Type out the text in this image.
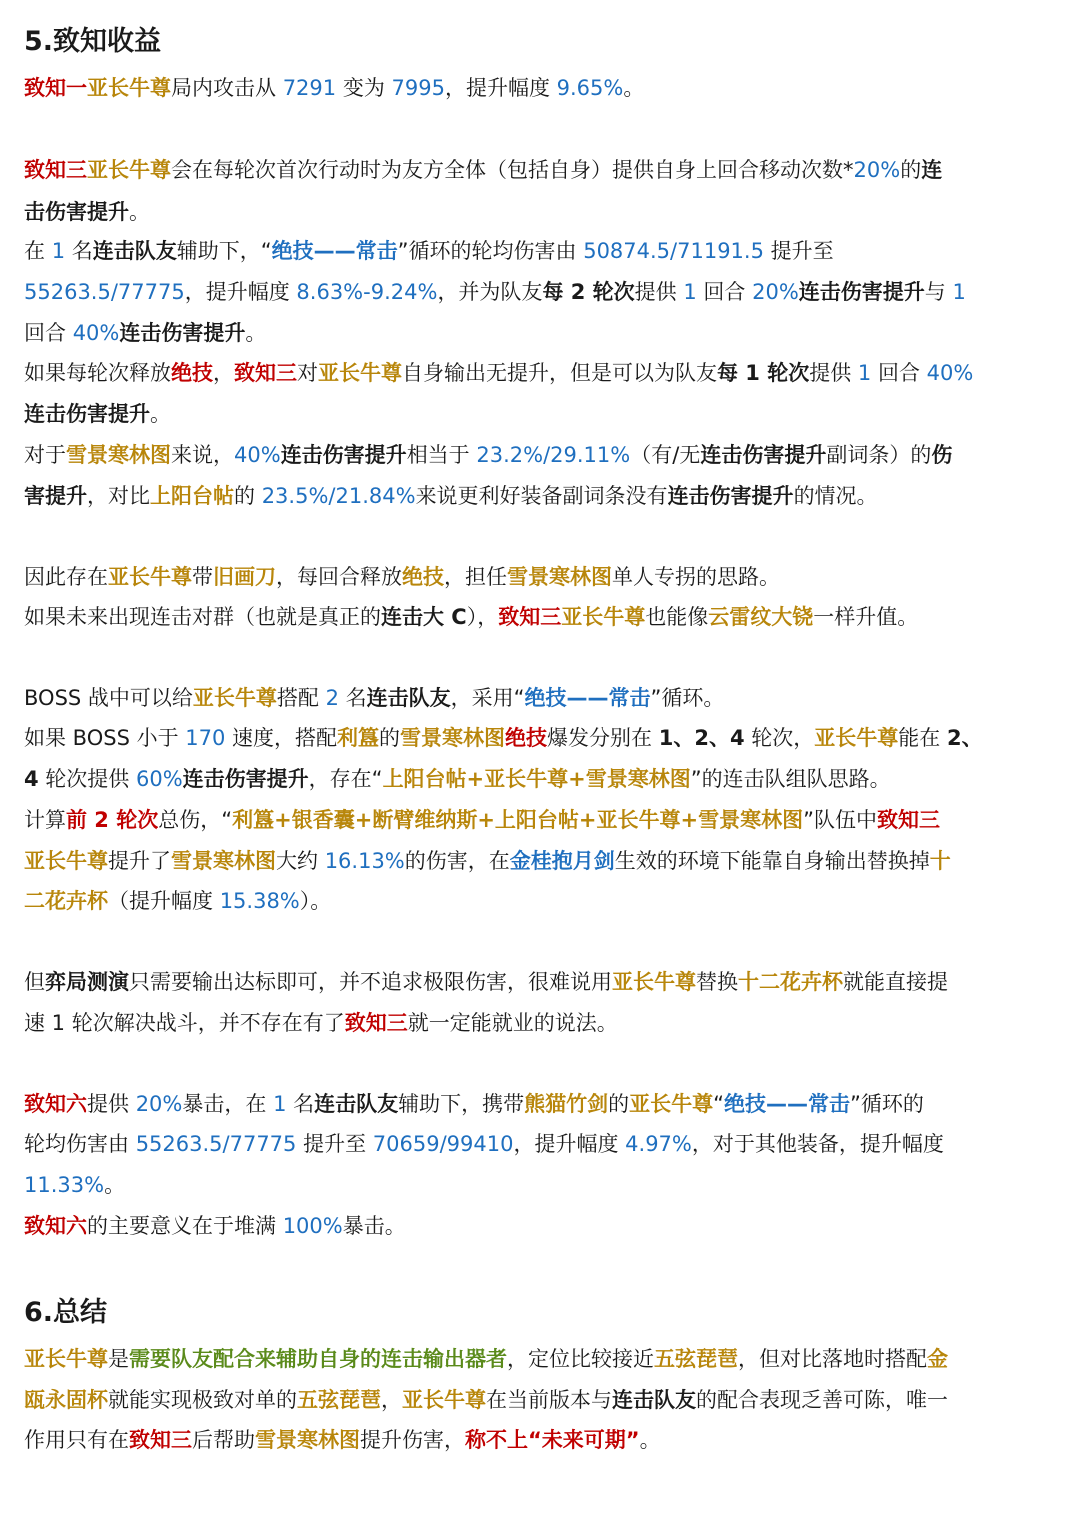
5.致知收益
致知一亚长牛尊局内攻击从 7291 变为 7995，提升幅度 9.65%。
致知三亚长牛尊会在每轮次首次行动时为友方全体（包括自身）提供自身上回合移动次数*20%的连
击伤害提升。
在 1 名连击队友辅助下，“绝技——常击”循环的轮均伤害由 50874.5/71191.5 提升至
55263.5/77775，提升幅度 8.63%-9.24%，并为队友每 2 轮次提供 1 回合 20%连击伤害提升与 1
回合 40%连击伤害提升。
如果每轮次释放绝技，致知三对亚长牛尊自身输出无提升，但是可以为队友每 1 轮次提供 1 回合 40%
连击伤害提升。
对于雪景寒林图来说，40%连击伤害提升相当于 23.2%/29.11%（有/无连击伤害提升副词条）的伤
害提升，对比上阳台帖的 23.5%/21.84%来说更利好装备副词条没有连击伤害提升的情况。
因此存在亚长牛尊带旧画刀，每回合释放绝技，担任雪景寒林图单人专拐的思路。
如果未来出现连击对群（也就是真正的连击大 C），致知三亚长牛尊也能像云雷纹大铙一样升值。
BOSS 战中可以给亚长牛尊搭配 2 名连击队友，采用“绝技——常击”循环。
如果 BOSS 小于 170 速度，搭配利簋的雪景寒林图绝技爆发分别在 1、2、4 轮次，亚长牛尊能在 2、
4 轮次提供 60%连击伤害提升，存在“上阳台帖+亚长牛尊+雪景寒林图”的连击队组队思路。
计算前 2 轮次总伤，“利簋+银香囊+断臂维纳斯+上阳台帖+亚长牛尊+雪景寒林图”队伍中致知三
亚长牛尊提升了雪景寒林图大约 16.13%的伤害，在金桂抱月剑生效的环境下能靠自身输出替换掉十
二花卉杯（提升幅度 15.38%）。
但弈局测演只需要输出达标即可，并不追求极限伤害，很难说用亚长牛尊替换十二花卉杯就能直接提
速 1 轮次解决战斗，并不存在有了致知三就一定能就业的说法。
致知六提供 20%暴击，在 1 名连击队友辅助下，携带熊猫竹剑的亚长牛尊“绝技——常击”循环的
轮均伤害由 55263.5/77775 提升至 70659/99410，提升幅度 4.97%，对于其他装备，提升幅度
11.33%。
致知六的主要意义在于堆满 100%暴击。
6.总结
亚长牛尊是需要队友配合来辅助自身的连击输出器者，定位比较接近五弦琵琶，但对比落地时搭配金
瓯永固杯就能实现极致对单的五弦琵琶，亚长牛尊在当前版本与连击队友的配合表现乏善可陈，唯一
作用只有在致知三后帮助雪景寒林图提升伤害，称不上“未来可期”。
